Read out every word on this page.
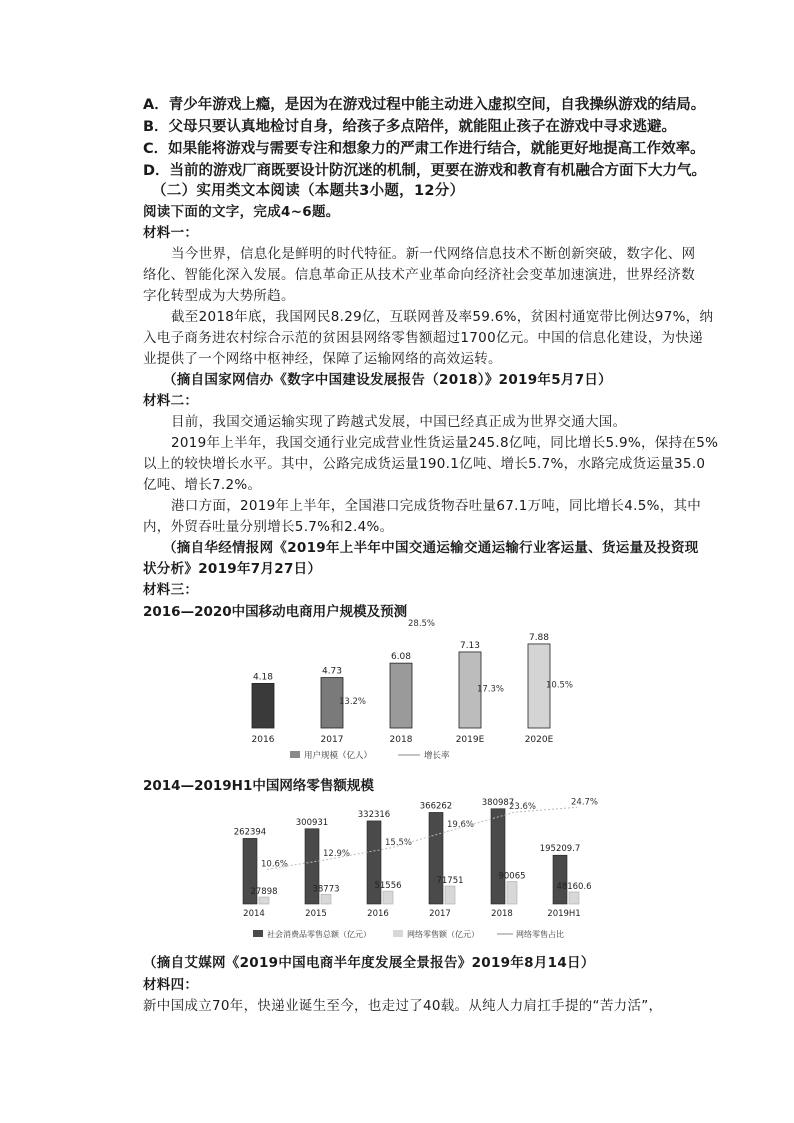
A．青少年游戏上瘾，是因为在游戏过程中能主动进入虚拟空间，自我操纵游戏的结局。
B．父母只要认真地检讨自身，给孩子多点陪伴，就能阻止孩子在游戏中寻求逃避。
C．如果能将游戏与需要专注和想象力的严肃工作进行结合，就能更好地提高工作效率。
D．当前的游戏厂商既要设计防沉迷的机制，更要在游戏和教育有机融合方面下大力气。
（二）实用类文本阅读（本题共3小题，12分）
阅读下面的文字，完成4~6题。
材料一：
当今世界，信息化是鲜明的时代特征。新一代网络信息技术不断创新突破，数字化、网
络化、智能化深入发展。信息革命正从技术产业革命向经济社会变革加速演进，世界经济数
字化转型成为大势所趋。
截至2018年底，我国网民8.29亿，互联网普及率59.6%，贫困村通宽带比例达97%，纳
入电子商务进农村综合示范的贫困县网络零售额超过1700亿元。中国的信息化建设，为快递
业提供了一个网络中枢神经，保障了运输网络的高效运转。
（摘自国家网信办《数字中国建设发展报告（2018）》2019年5月7日）
材料二：
目前，我国交通运输实现了跨越式发展，中国已经真正成为世界交通大国。
2019年上半年，我国交通行业完成营业性货运量245.8亿吨，同比增长5.9%，保持在5%
以上的较快增长水平。其中，公路完成货运量190.1亿吨、增长5.7%，水路完成货运量35.0
亿吨、增长7.2%。
港口方面，2019年上半年，全国港口完成货物吞吐量67.1万吨，同比增长4.5%，其中
内，外贸吞吐量分别增长5.7%和2.4%。
（摘自华经情报网《2019年上半年中国交通运输交通运输行业客运量、货运量及投资现
状分析》2019年7月27日）
材料三：
2016—2020中国移动电商用户规模及预测
4.18
2016
4.73
2017
13.2%
6.08
2018
28.5%
7.13
2019E
17.3%
7.88
2020E
10.5%
用户规模（亿人）	增长率
2014—2019H1中国网络零售额规模
262394
27898
2014
10.6%
300931
38773
2015
12.9%
332316
51556
2016
15.5%
366262
71751
2017
19.6%
380987
90065
2018
23.6%
195209.7
48160.6
2019H1
24.7%
社会消费品零售总额（亿元）	网络零售额（亿元）	网络零售占比
（摘自艾媒网《2019中国电商半年度发展全景报告》2019年8月14日）
材料四：
新中国成立70年，快递业诞生至今，也走过了40载。从纯人力肩扛手提的“苦力活”，
